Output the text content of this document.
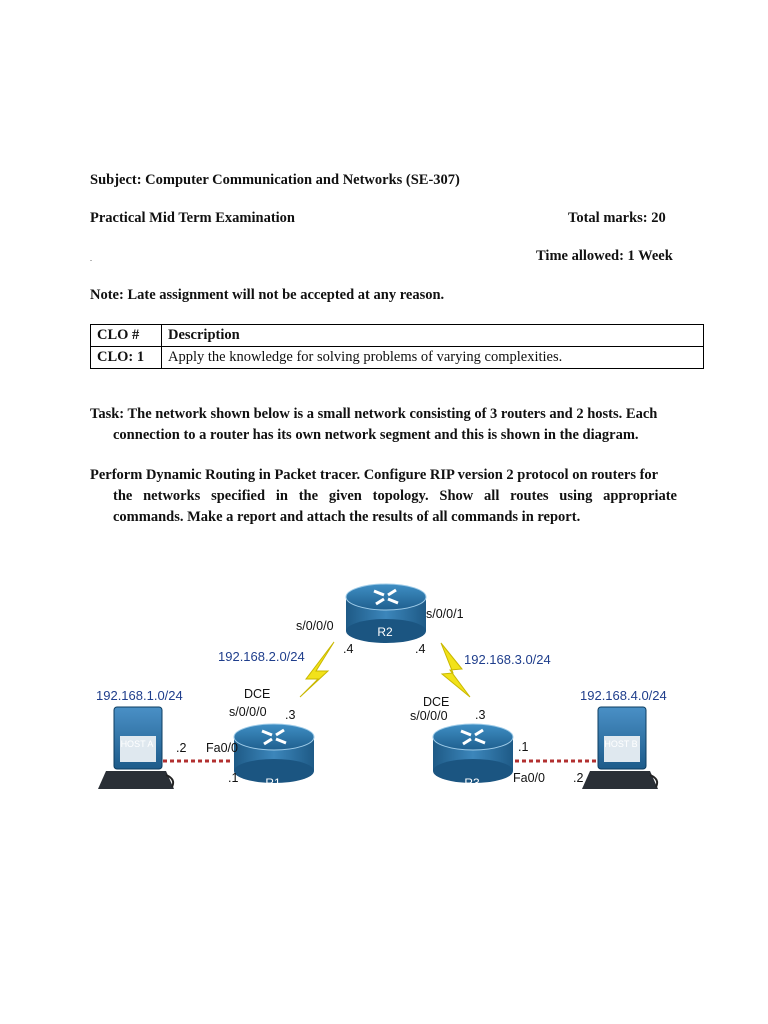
Subject: Computer Communication and Networks (SE-307)
Practical Mid Term Examination	Total marks: 20
.	Time allowed: 1 Week
Note: Late assignment will not be accepted at any reason.
CLO #	Description
CLO: 1	Apply the knowledge for solving problems of varying complexities.
Task: The network shown below is a small network consisting of 3 routers and 2 hosts. Each
connection to a router has its own network segment and this is shown in the diagram.
Perform Dynamic Routing in Packet tracer. Configure RIP version 2 protocol on routers for
the networks specified in the given topology. Show all routes using appropriate
commands. Make a report and attach the results of all commands in report.
R2
R1	R3
HOST A	HOST B
192.168.1.0/24
192.168.2.0/24	192.168.3.0/24
192.168.4.0/24
s/0/0/0
s/0/0/1
.4	.4
DCE
s/0/0/0 .3
DCE
s/0/0/0 .3
.2 Fa0/0
.1
.1
Fa0/0 .2
